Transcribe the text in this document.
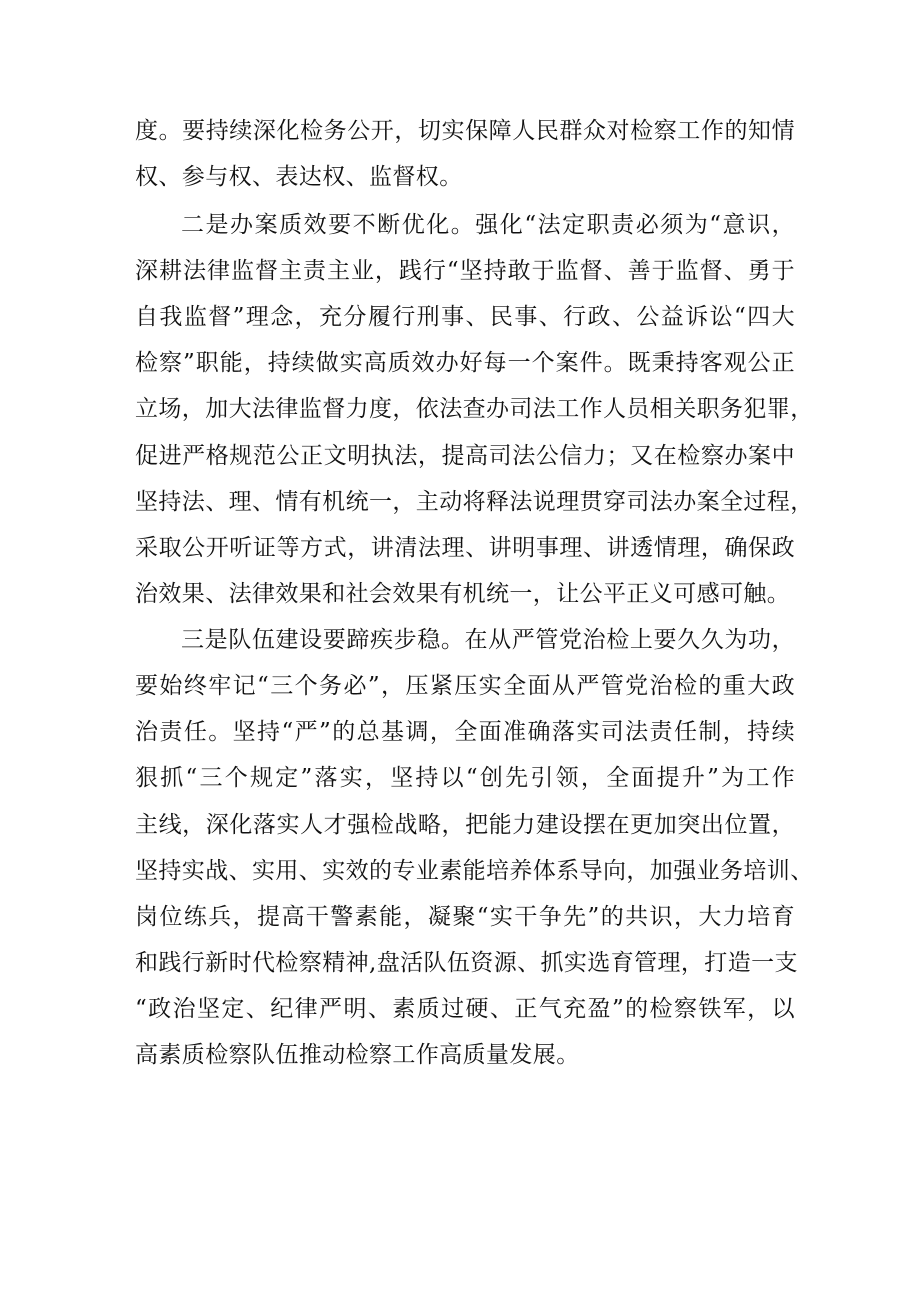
度。要持续深化检务公开，切实保障人民群众对检察工作的知情
权、参与权、表达权、监督权。
二是办案质效要不断优化。强化“法定职责必须为“意识，
深耕法律监督主责主业，践行“坚持敢于监督、善于监督、勇于
自我监督”理念，充分履行刑事、民事、行政、公益诉讼“四大
检察”职能，持续做实高质效办好每一个案件。既秉持客观公正
立场，加大法律监督力度，依法查办司法工作人员相关职务犯罪，
促进严格规范公正文明执法，提高司法公信力；又在检察办案中
坚持法、理、情有机统一，主动将释法说理贯穿司法办案全过程，
采取公开听证等方式，讲清法理、讲明事理、讲透情理，确保政
治效果、法律效果和社会效果有机统一，让公平正义可感可触。
三是队伍建设要蹄疾步稳。在从严管党治检上要久久为功，
要始终牢记“三个务必”，压紧压实全面从严管党治检的重大政
治责任。坚持“严”的总基调，全面准确落实司法责任制，持续
狠抓“三个规定”落实，坚持以“创先引领，全面提升”为工作
主线，深化落实人才强检战略，把能力建设摆在更加突出位置，
坚持实战、实用、实效的专业素能培养体系导向，加强业务培训、
岗位练兵，提高干警素能，凝聚“实干争先”的共识，大力培育
和践行新时代检察精神,盘活队伍资源、抓实选育管理，打造一支
“政治坚定、纪律严明、素质过硬、正气充盈”的检察铁军，以
高素质检察队伍推动检察工作高质量发展。
